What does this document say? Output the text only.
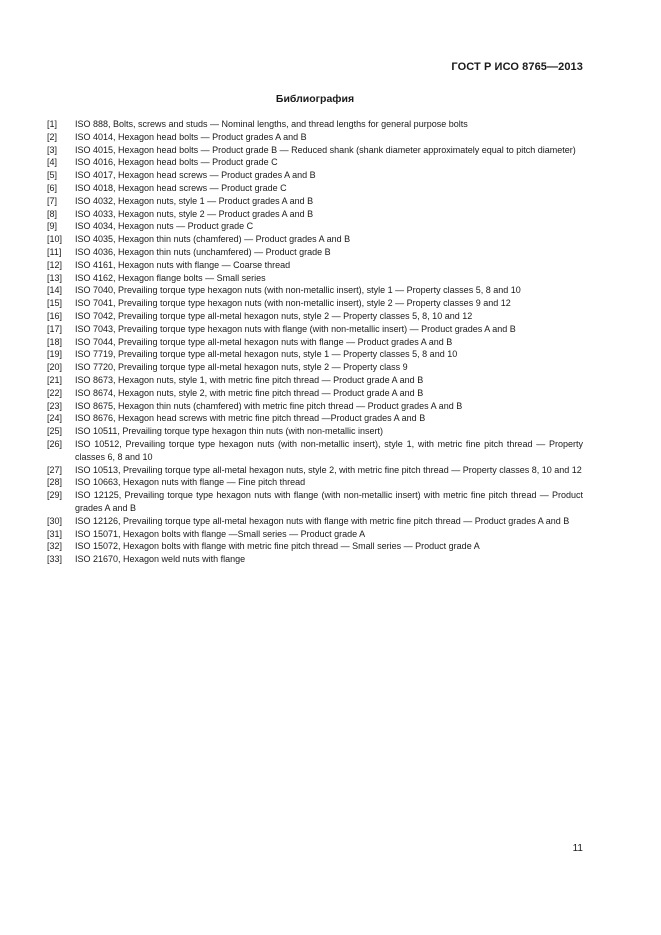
ГОСТ Р ИСО 8765—2013
Библиография
[1]	ISO 888, Bolts, screws and studs — Nominal lengths, and thread lengths for general purpose bolts
[2]	ISO 4014, Hexagon head bolts — Product grades A and B
[3]	ISO 4015, Hexagon head bolts — Product grade B — Reduced shank (shank diameter approximately equal to pitch diameter)
[4]	ISO 4016, Hexagon head bolts — Product grade C
[5]	ISO 4017, Hexagon head screws — Product grades A and B
[6]	ISO 4018, Hexagon head screws — Product grade C
[7]	ISO 4032, Hexagon nuts, style 1 — Product grades A and B
[8]	ISO 4033, Hexagon nuts, style 2 — Product grades A and B
[9]	ISO 4034, Hexagon nuts — Product grade C
[10]	ISO 4035, Hexagon thin nuts (chamfered) — Product grades A and B
[11]	ISO 4036, Hexagon thin nuts (unchamfered) — Product grade B
[12]	ISO 4161, Hexagon nuts with flange — Coarse thread
[13]	ISO 4162, Hexagon flange bolts — Small series
[14]	ISO 7040, Prevailing torque type hexagon nuts (with non-metallic insert), style 1 — Property classes 5, 8 and 10
[15]	ISO 7041, Prevailing torque type hexagon nuts (with non-metallic insert), style 2 — Property classes 9 and 12
[16]	ISO 7042, Prevailing torque type all-metal hexagon nuts, style 2 — Property classes 5, 8, 10 and 12
[17]	ISO 7043, Prevailing torque type hexagon nuts with flange (with non-metallic insert) — Product grades A and B
[18]	ISO 7044, Prevailing torque type all-metal hexagon nuts with flange — Product grades A and B
[19]	ISO 7719, Prevailing torque type all-metal hexagon nuts, style 1 — Property classes 5, 8 and 10
[20]	ISO 7720, Prevailing torque type all-metal hexagon nuts, style 2 — Property class 9
[21]	ISO 8673, Hexagon nuts, style 1, with metric fine pitch thread — Product grade A and B
[22]	ISO 8674, Hexagon nuts, style 2, with metric fine pitch thread — Product grade A and B
[23]	ISO 8675, Hexagon thin nuts (chamfered) with metric fine pitch thread — Product grades A and B
[24]	ISO 8676, Hexagon head screws with metric fine pitch thread —Product grades A and B
[25]	ISO 10511, Prevailing torque type hexagon thin nuts (with non-metallic insert)
[26]	ISO 10512, Prevailing torque type hexagon nuts (with non-metallic insert), style 1, with metric fine pitch thread — Property classes 6, 8 and 10
[27]	ISO 10513, Prevailing torque type all-metal hexagon nuts, style 2, with metric fine pitch thread — Property classes 8, 10 and 12
[28]	ISO 10663, Hexagon nuts with flange — Fine pitch thread
[29]	ISO 12125, Prevailing torque type hexagon nuts with flange (with non-metallic insert) with metric fine pitch thread — Product grades A and B
[30]	ISO 12126, Prevailing torque type all-metal hexagon nuts with flange with metric fine pitch thread — Product grades A and B
[31]	ISO 15071, Hexagon bolts with flange —Small series — Product grade A
[32]	ISO 15072, Hexagon bolts with flange with metric fine pitch thread — Small series — Product grade A
[33]	ISO 21670, Hexagon weld nuts with flange
11
